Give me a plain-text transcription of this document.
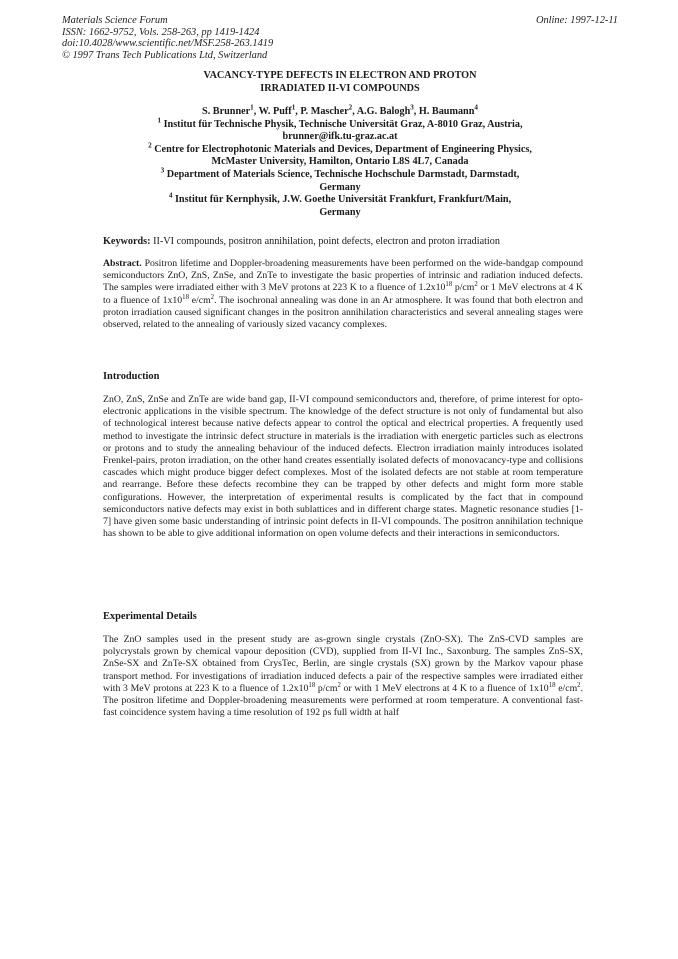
Materials Science Forum
ISSN: 1662-9752, Vols. 258-263, pp 1419-1424
doi:10.4028/www.scientific.net/MSF.258-263.1419
© 1997 Trans Tech Publications Ltd, Switzerland
Online: 1997-12-11
VACANCY-TYPE DEFECTS IN ELECTRON AND PROTON
IRRADIATED II-VI COMPOUNDS
S. Brunner$^1$, W. Puff$^1$, P. Mascher$^2$, A.G. Balogh$^3$, H. Baumann$^4$
$^1$ Institut für Technische Physik, Technische Universität Graz, A-8010 Graz, Austria,
brunner@ifk.tu-graz.ac.at
$^2$ Centre for Electrophotonic Materials and Devices, Department of Engineering Physics,
McMaster University, Hamilton, Ontario L8S 4L7, Canada
$^3$ Department of Materials Science, Technische Hochschule Darmstadt, Darmstadt,
Germany
$^4$ Institut für Kernphysik, J.W. Goethe Universität Frankfurt, Frankfurt/Main,
Germany
Keywords: II-VI compounds, positron annihilation, point defects, electron and proton irradiation

Abstract. Positron lifetime and Doppler-broadening measurements have been performed on the wide-bandgap compound semiconductors ZnO, ZnS, ZnSe, and ZnTe to investigate the basic properties of intrinsic and radiation induced defects. The samples were irradiated either with 3 MeV protons at 223 K to a fluence of $1.2x10^{18}$ $p/cm^2$ or 1 MeV electrons at 4 K to a fluence of $1x10^{18}$ $e/cm^2$. The isochronal annealing was done in an Ar atmosphere. It was found that both electron and proton irradiation caused significant changes in the positron annihilation characteristics and several annealing stages were observed, related to the annealing of variously sized vacancy complexes.

Introduction
ZnO, ZnS, ZnSe and ZnTe are wide band gap, II-VI compound semiconductors and, therefore, of prime interest for opto-electronic applications in the visible spectrum. The knowledge of the defect structure is not only of fundamental but also of technological interest because native defects appear to control the optical and electrical properties. A frequently used method to investigate the intrinsic defect structure in materials is the irradiation with energetic particles such as electrons or protons and to study the annealing behaviour of the induced defects. Electron irradiation mainly introduces isolated Frenkel-pairs, proton irradiation, on the other hand creates essentially isolated defects of monovacancy-type and collisions cascades which might produce bigger defect complexes. Most of the isolated defects are not stable at room temperature and rearrange. Before these defects recombine they can be trapped by other defects and might form more stable configurations. However, the interpretation of experimental results is complicated by the fact that in compound semiconductors native defects may exist in both sublattices and in different charge states. Magnetic resonance studies [1-7] have given some basic understanding of intrinsic point defects in II-VI compounds. The positron annihilation technique has shown to be able to give additional information on open volume defects and their interactions in semiconductors.
Experimental Details
The ZnO samples used in the present study are as-grown single crystals (ZnO-SX). The ZnS-CVD samples are polycrystals grown by chemical vapour deposition (CVD), supplied from II-VI Inc., Saxonburg. The samples ZnS-SX, ZnSe-SX and ZnTe-SX obtained from CrysTec, Berlin, are single crystals (SX) grown by the Markov vapour phase transport method. For investigations of irradiation induced defects a pair of the respective samples were irradiated either with 3 MeV protons at 223 K to a fluence of $1.2x10^{18}$ $p/cm^2$ or with 1 MeV electrons at 4 K to a fluence of $1x10^{18}$ $e/cm^2$. The positron lifetime and Doppler-broadening measurements were performed at room temperature. A conventional fast-fast coincidence system having a time resolution of 192 ps full width at half
